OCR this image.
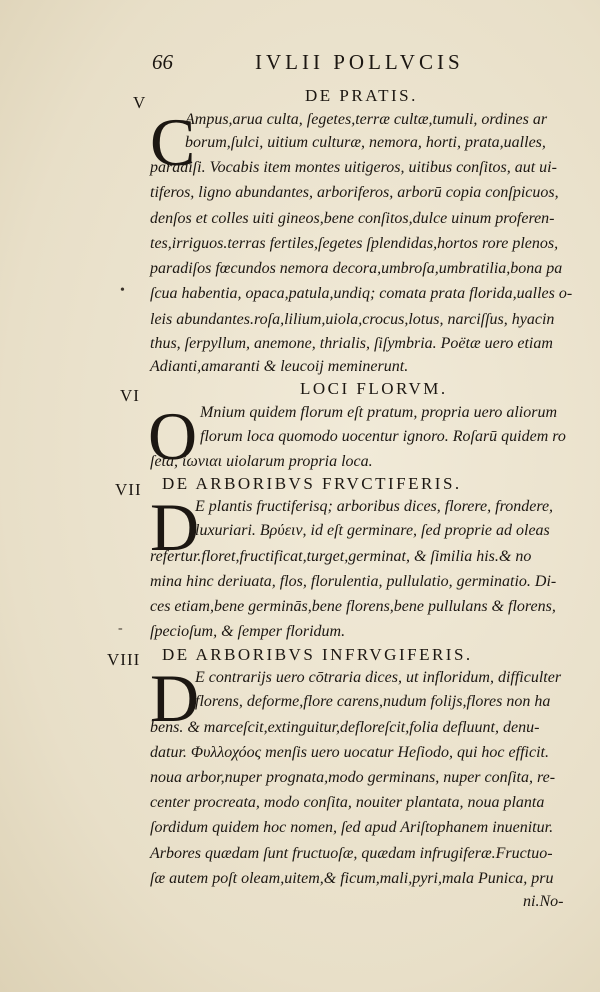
66	IVLII POLLVCIS
V	DE PRATIS.
C
Ampus,arua culta, ſegetes,terræ cultæ,tumuli, ordines ar
borum,ſulci, uitium culturæ, nemora, horti, prata,ualles,
paradiſi. Vocabis item montes uitigeros, uitibus conſitos, aut ui-
tiferos, ligno abundantes, arboriferos, arborū copia conſpicuos,
denſos et colles uiti gineos,bene conſitos,dulce uinum proferen-
tes,irriguos.terras fertiles,ſegetes ſplendidas,hortos rore plenos,
paradiſos fœcundos nemora decora,umbroſa,umbratilia,bona pa
• ſcua habentia, opaca,patula,undiq; comata prata florida,ualles o-
leis abundantes.roſa,lilium,uiola,crocus,lotus, narciſſus, hyacin
thus, ſerpyllum, anemone, thrialis, ſiſymbria. Poëtæ uero etiam
Adianti,amaranti & leucoij meminerunt.
VI	LOCI FLORVM.
O Mnium quidem florum eſt pratum, propria uero aliorum
florum loca quomodo uocentur ignoro. Roſarū quidem ro
ſeta, ἰωνιαι uiolarum propria loca.
VII DE ARBORIBVS FRVCTIFERIS.
D
E plantis fructiferisq; arboribus dices, florere, frondere,
luxuriari. Βρύειν, id eſt germinare, ſed proprie ad oleas
refertur.floret,fructificat,turget,germinat, & ſimilia his.& no
mina hinc deriuata, flos, florulentia, pullulatio, germinatio. Di-
ces etiam,bene germinās,bene florens,bene pullulans & florens,
- ſpecioſum, & ſemper floridum.
VIII DE ARBORIBVS INFRVGIFERIS.
D
E contrarijs uero cōtraria dices, ut infloridum, difficulter
florens, deforme,flore carens,nudum folijs,flores non ha
bens. & marceſcit,extinguitur,defloreſcit,folia defluunt, denu-
datur. Φυλλοχόος menſis uero uocatur Heſiodo, qui hoc efficit.
noua arbor,nuper prognata,modo germinans, nuper conſita, re-
center procreata, modo conſita, nouiter plantata, noua planta
ſordidum quidem hoc nomen, ſed apud Ariſtophanem inuenitur.
Arbores quædam ſunt fructuoſæ, quædam infrugiferæ.Fructuo-
ſæ autem poſt oleam,uitem,& ficum,mali,pyri,mala Punica, pru
ni.No-
